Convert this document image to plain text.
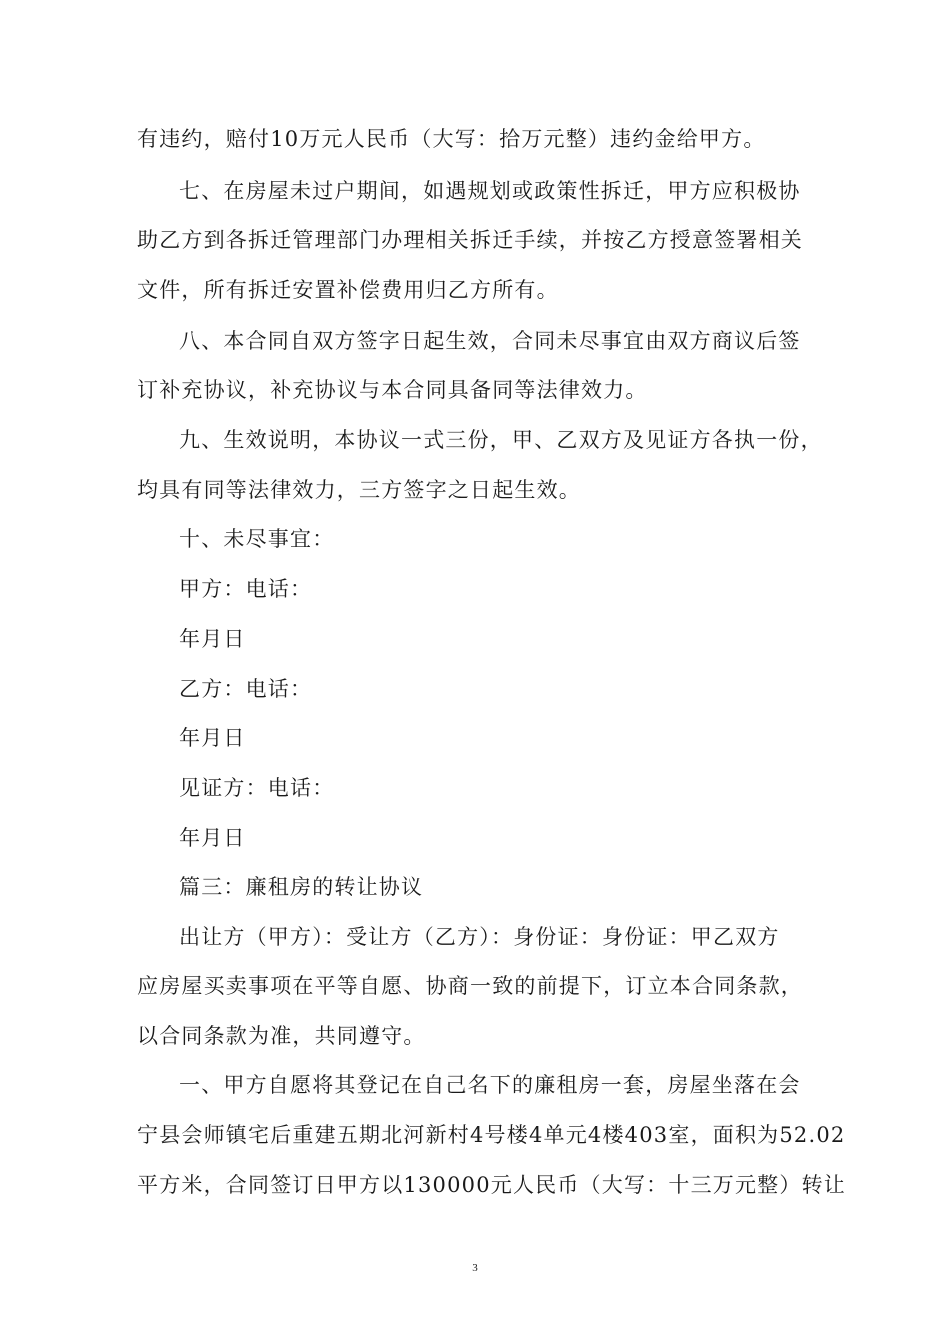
有违约，赔付10万元人民币（大写：拾万元整）违约金给甲方。
七、在房屋未过户期间，如遇规划或政策性拆迁，甲方应积极协
助乙方到各拆迁管理部门办理相关拆迁手续，并按乙方授意签署相关
文件，所有拆迁安置补偿费用归乙方所有。
八、本合同自双方签字日起生效，合同未尽事宜由双方商议后签
订补充协议，补充协议与本合同具备同等法律效力。
九、生效说明，本协议一式三份，甲、乙双方及见证方各执一份，
均具有同等法律效力，三方签字之日起生效。
十、未尽事宜：
甲方：电话：
年月日
乙方：电话：
年月日
见证方：电话：
年月日
篇三：廉租房的转让协议
出让方（甲方）：受让方（乙方）：身份证：身份证：甲乙双方
应房屋买卖事项在平等自愿、协商一致的前提下，订立本合同条款，
以合同条款为准，共同遵守。
一、甲方自愿将其登记在自己名下的廉租房一套，房屋坐落在会
宁县会师镇宅后重建五期北河新村4号楼4单元4楼403室，面积为52.02
平方米，合同签订日甲方以130000元人民币（大写：十三万元整）转让
3
